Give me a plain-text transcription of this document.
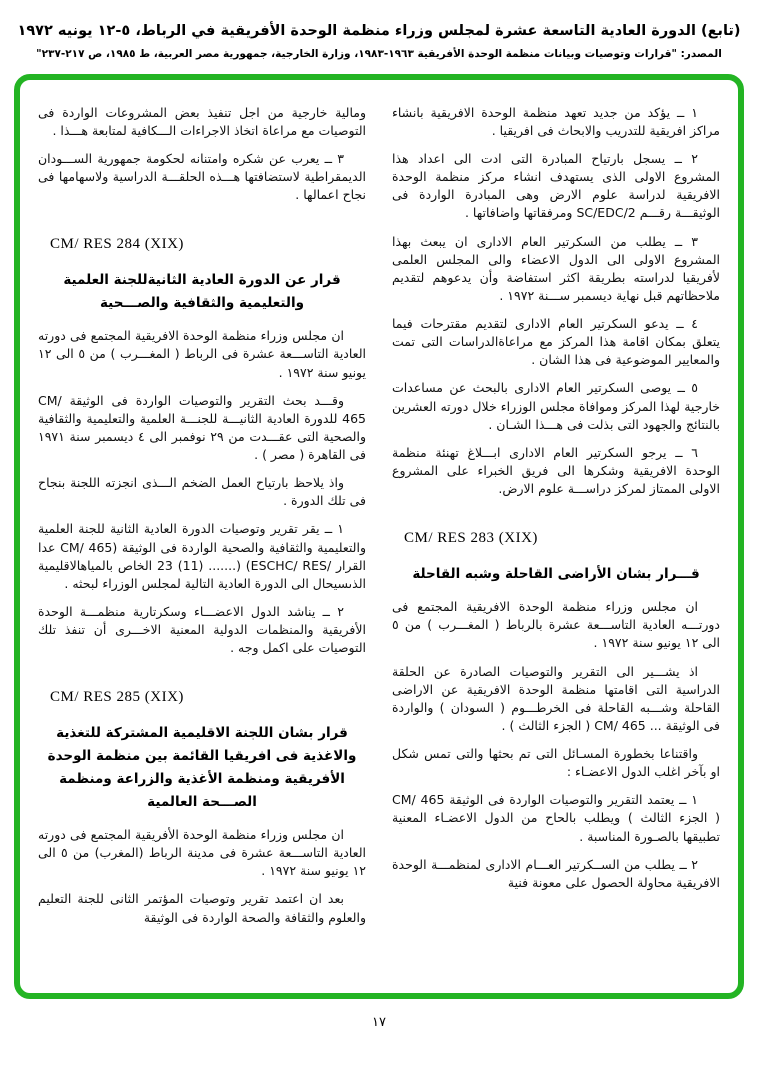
(تابع) الدورة العادية التاسعة عشرة لمجلس وزراء منظمة الوحدة الأفريقية في الرباط، ٥-١٢ يونيه ١٩٧٢
المصدر: "قرارات وتوصيات وبيانات منظمة الوحدة الأفريقية ١٩٦٣-١٩٨٣، وزارة الخارجية، جمهورية مصر العربية، ط ١٩٨٥، ص ٢١٧-٢٣٧"

١ ــ يؤكد من جديد تعهد منظمة الوحدة الافريقية بانشاء مراكز افريقية للتدريب والابحاث فى افريقيا .

٢ ــ يسجل بارتياح المبادرة التى ادت الى اعداد هذا المشروع الاولى الذى يستهدف انشاء مركز منظمة الوحدة الافريقية لدراسة علوم الارض وهى المبادرة الواردة فى الوثيقـــة رقـــم SC/EDC/2 ومرفقاتها واضافاتها .

٣ ــ يطلب من السكرتير العام الادارى ان يبعث بهذا المشروع الاولى الى الدول الاعضاء والى المجلس العلمى لأفريقيا لدراسته بطريقة اكثر استفاضة وأن يدعوهم لتقديم ملاحظاتهم قبل نهاية ديسمبر ســـنة ١٩٧٢ .

٤ ــ يدعو السكرتير العام الادارى لتقديم مقترحات فيما يتعلق بمكان اقامة هذا المركز مع مراعاةالدراسات التى تمت والمعايير الموضوعية فى هذا الشان .

٥ ــ يوصى السكرتير العام الادارى بالبحث عن مساعدات خارجية لهذا المركز وموافاة مجلس الوزراء خلال دورته العشرين بالنتائج والجهود التى بذلت فى هـــذا الشـان .

٦ ــ يرجو السكرتير العام الادارى ابـــلاغ تهنئة منظمة الوحدة الافريقية وشكرها الى فريق الخبراء على المشروع الاولى الممتاز لمركز دراســـة علوم الارض.

CM/ RES 283 (XIX)
قـــرار بشان الأراضى القاحلة وشبه القاحلة

ان مجلس وزراء منظمة الوحدة الافريقية المجتمع فى دورتـــه العادية التاســـعة عشرة بالرباط ( المغـــرب ) من ٥ الى ١٢ يونيو سنة ١٩٧٢ .

اذ يشـــير الى التقرير والتوصيات الصادرة عن الحلقة الدراسية التى اقامتها منظمة الوحدة الافريقية عن الاراضى القاحلة وشـــبه القاحلة فى الخرطـــوم ( السودان ) والواردة فى الوثيقة ... CM/ 465 ( الجزء الثالث ) .

واقتناعا بخطورة المسـائل التى تم بحثها والتى تمس شكل او بآخر اغلب الدول الاعضـاء :

١ ــ يعتمد التقرير والتوصيات الواردة فى الوثيقة CM/ 465 ( الجزء الثالث ) ويطلب بالحاح من الدول الاعضـاء المعنية تطبيقها بالصـورة المناسبة .

٢ ــ يطلب من الســكرتير العـــام الادارى لمنظمـــة الوحدة الافريقية محاولة الحصول على معونة فنية

ومالية خارجية من اجل تنفيذ بعض المشروعات الواردة فى التوصيات مع مراعاة اتخاذ الاجراءات الـــكافية لمتابعة هـــذا .

٣ ــ يعرب عن شكره وامتنانه لحكومة جمهورية الســـودان الديمقراطية لاستضافتها هـــذه الحلقـــة الدراسية ولاسهامها فى نجاح اعمالها .

CM/ RES 284 (XIX)
قرار عن الدورة العادية الثانيةللجنة العلمية والتعليمية والثقافية والصـــحية

ان مجلس وزراء منظمة الوحدة الافريقية المجتمع فى دورته العادية التاســـعة عشرة فى الرباط ( المغـــرب ) من ٥ الى ١٢ يونيو سنة ١٩٧٢ .

وقـــد بحث التقرير والتوصيات الواردة فى الوثيقة CM/ 465 للدورة العادية الثانيـــة للجنـــة العلمية والتعليمية والثقافية والصحية التى عقـــدت من ٢٩ نوفمبر الى ٤ ديسمبر سنة ١٩٧١ فى القاهرة ( مصر ) .

واذ يلاحظ بارتياح العمل الضخم الـــذى انجزته اللجنة بنجاح فى تلك الدورة .

١ ــ يقر تقرير وتوصيات الدورة العادية الثانية للجنة العلمية والتعليمية والثقافية والصحية الواردة فى الوثيقة (CM/ 465 عدا القرار /ESCHC/ RES) (....... (11) 23 الخاص بالمياهالاقليمية الذىسيحال الى الدورة العادية التالية لمجلس الوزراء لبحثه .

٢ ــ يناشد الدول الاعضـــاء وسكرتارية منظمـــة الوحدة الأفريقية والمنظمات الدولية المعنية الاخـــرى أن تنفذ تلك التوصيات على اكمل وجه .

CM/ RES 285 (XIX)
قرار بشان اللجنة الاقليمية المشتركة للتغذية والاغذية فى افريقيا القائمة بين منظمة الوحدة الأفريقية ومنظمة الأغذية والزراعة ومنظمة الصـــحة العالمية

ان مجلس وزراء منظمة الوحدة الأفريقية المجتمع فى دورته العادية التاســـعة عشرة فى مدينة الرباط (المغرب) من ٥ الى ١٢ يونيو سنة ١٩٧٢ .

بعد ان اعتمد تقرير وتوصيات المؤتمر الثانى للجنة التعليم والعلوم والثقافة والصحة الواردة فى الوثيقة

١٧
